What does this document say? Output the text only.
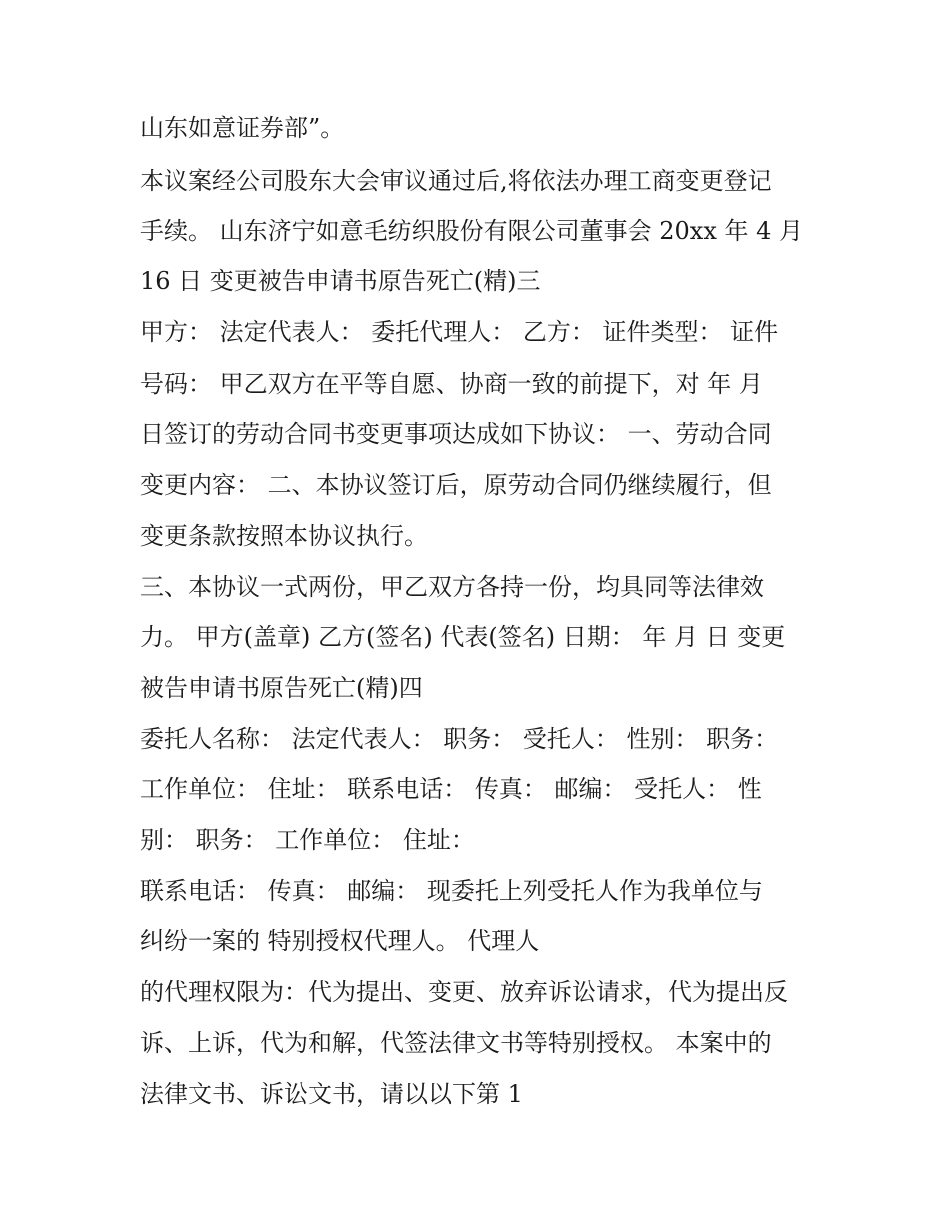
山东如意证券部”。
本议案经公司股东大会审议通过后,将依法办理工商变更登记
手续。 山东济宁如意毛纺织股份有限公司董事会 20xx 年 4 月
16 日 变更被告申请书原告死亡(精)三
甲方： 法定代表人： 委托代理人： 乙方： 证件类型： 证件
号码： 甲乙双方在平等自愿、协商一致的前提下，对 年 月
日签订的劳动合同书变更事项达成如下协议： 一、劳动合同
变更内容： 二、本协议签订后，原劳动合同仍继续履行，但
变更条款按照本协议执行。
三、本协议一式两份，甲乙双方各持一份，均具同等法律效
力。 甲方(盖章) 乙方(签名) 代表(签名) 日期： 年 月 日 变更
被告申请书原告死亡(精)四
委托人名称： 法定代表人： 职务： 受托人： 性别： 职务：
工作单位： 住址： 联系电话： 传真： 邮编： 受托人： 性
别： 职务： 工作单位： 住址：
联系电话： 传真： 邮编： 现委托上列受托人作为我单位与
纠纷一案的 特别授权代理人。 代理人
的代理权限为：代为提出、变更、放弃诉讼请求，代为提出反
诉、上诉，代为和解，代签法律文书等特别授权。 本案中的
法律文书、诉讼文书，请以以下第 1
